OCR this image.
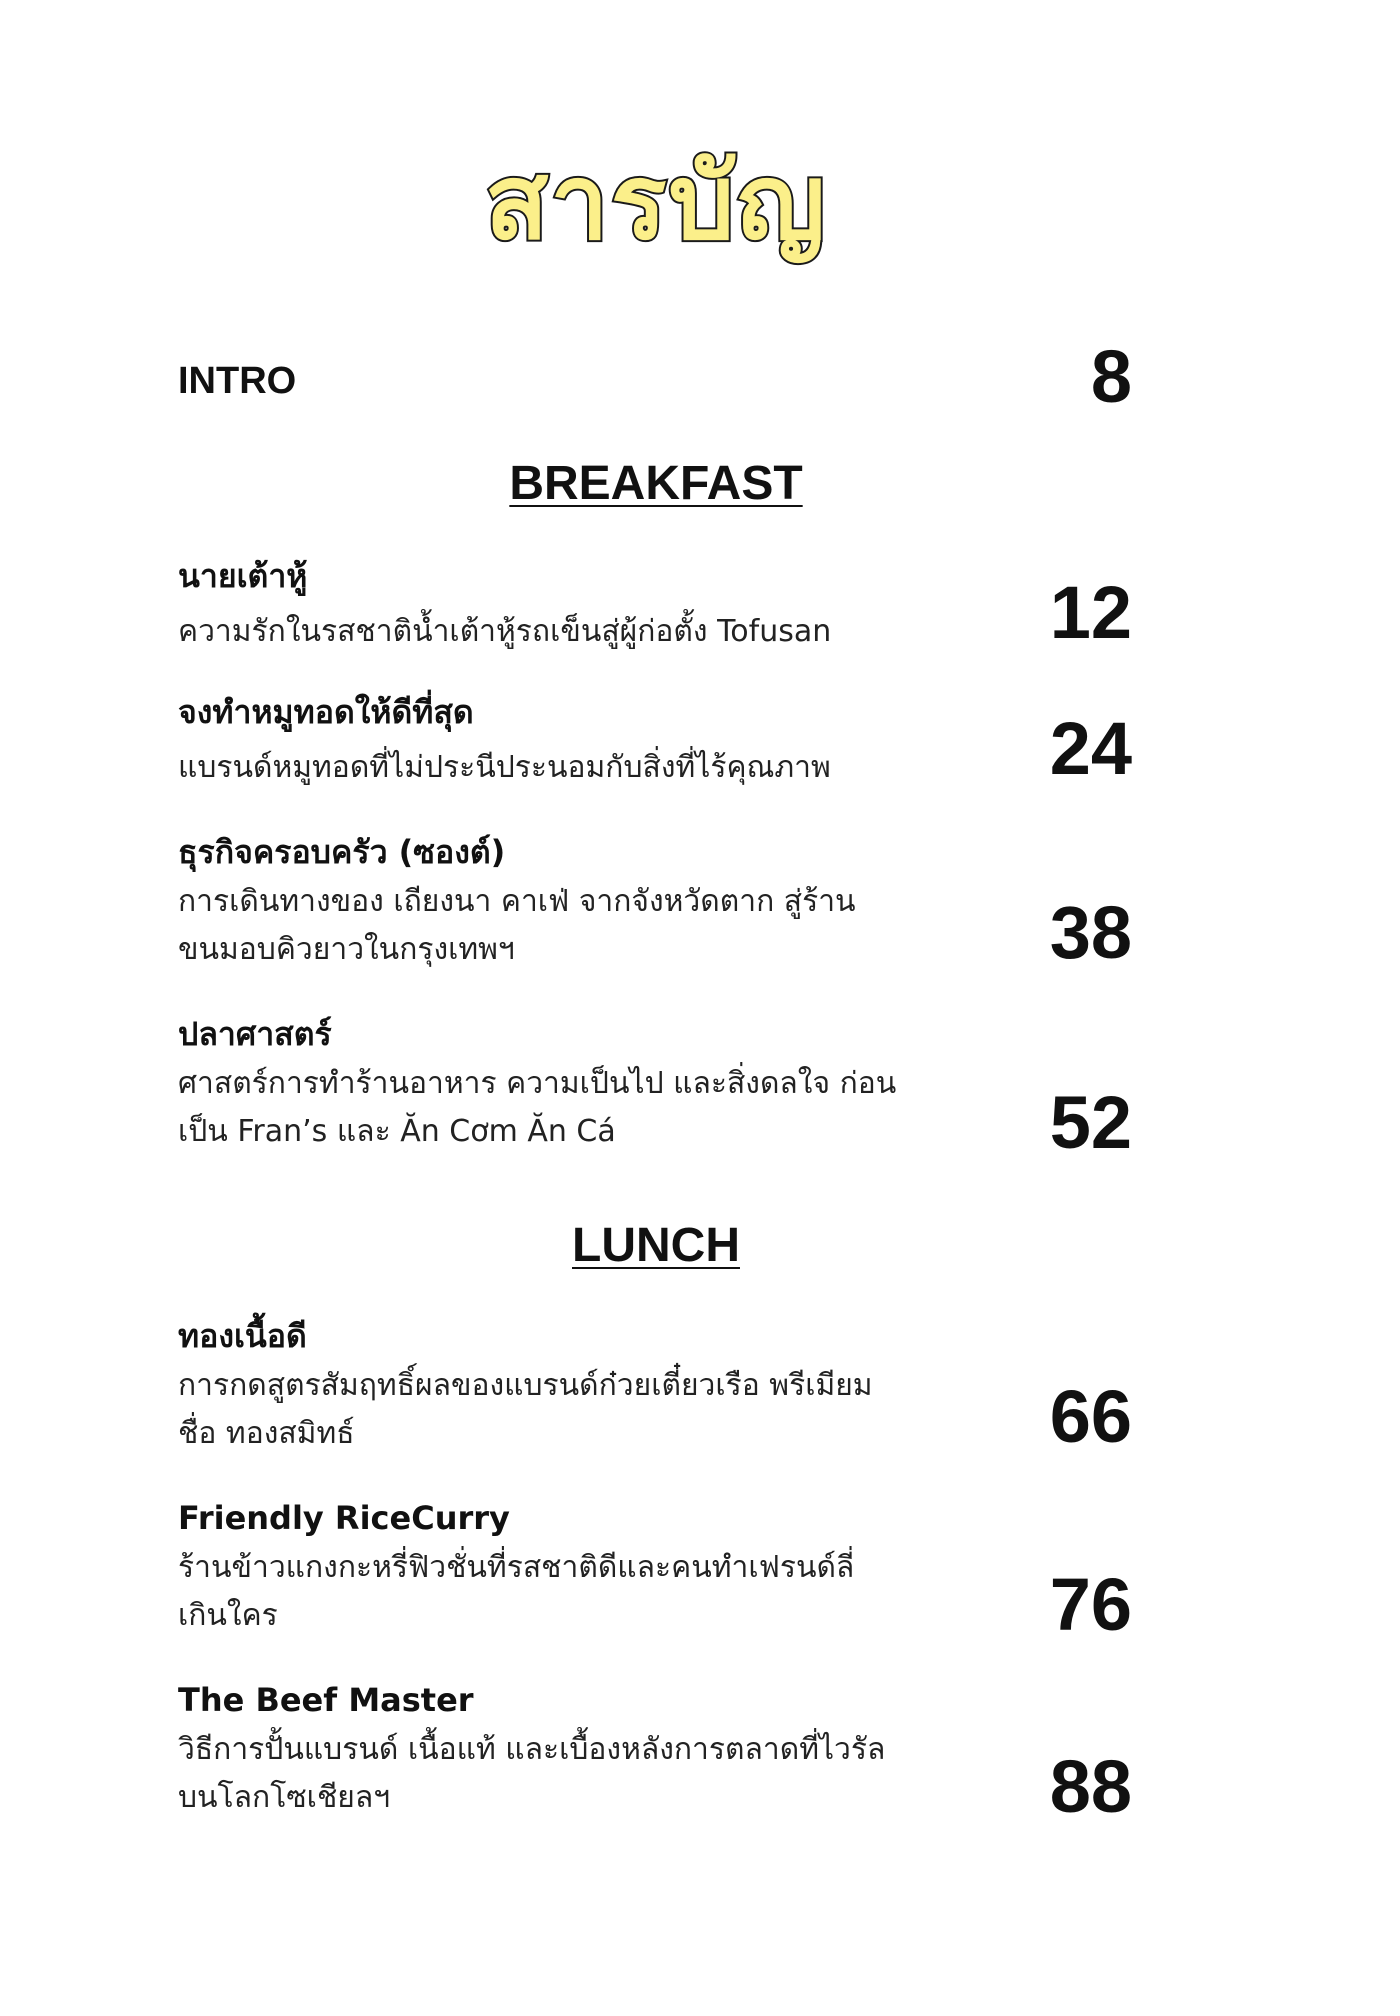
สารบัญ
INTRO	8
BREAKFAST
นายเต้าหู้
ความรักในรสชาติน้ำเต้าหู้รถเข็นสู่ผู้ก่อตั้ง Tofusan	12
จงทำหมูทอดให้ดีที่สุด
แบรนด์หมูทอดที่ไม่ประนีประนอมกับสิ่งที่ไร้คุณภาพ	24
ธุรกิจครอบครัว (ซองต์)
การเดินทางของ เถียงนา คาเฟ่ จากจังหวัดตาก สู่ร้านขนมอบคิวยาวในกรุงเทพฯ	38
ปลาศาสตร์
ศาสตร์การทำร้านอาหาร ความเป็นไป และสิ่งดลใจ ก่อนเป็น Fran’s และ Ăn Cơm Ăn Cá	52
LUNCH
ทองเนื้อดี
การกดสูตรสัมฤทธิ์ผลของแบรนด์ก๋วยเตี๋ยวเรือ พรีเมียมชื่อ ทองสมิทธ์	66
Friendly RiceCurry
ร้านข้าวแกงกะหรี่ฟิวชั่นที่รสชาติดีและคนทำเฟรนด์ลี่เกินใคร	76
The Beef Master
วิธีการปั้นแบรนด์ เนื้อแท้ และเบื้องหลังการตลาดที่ไวรัลบนโลกโซเชียลฯ	88
